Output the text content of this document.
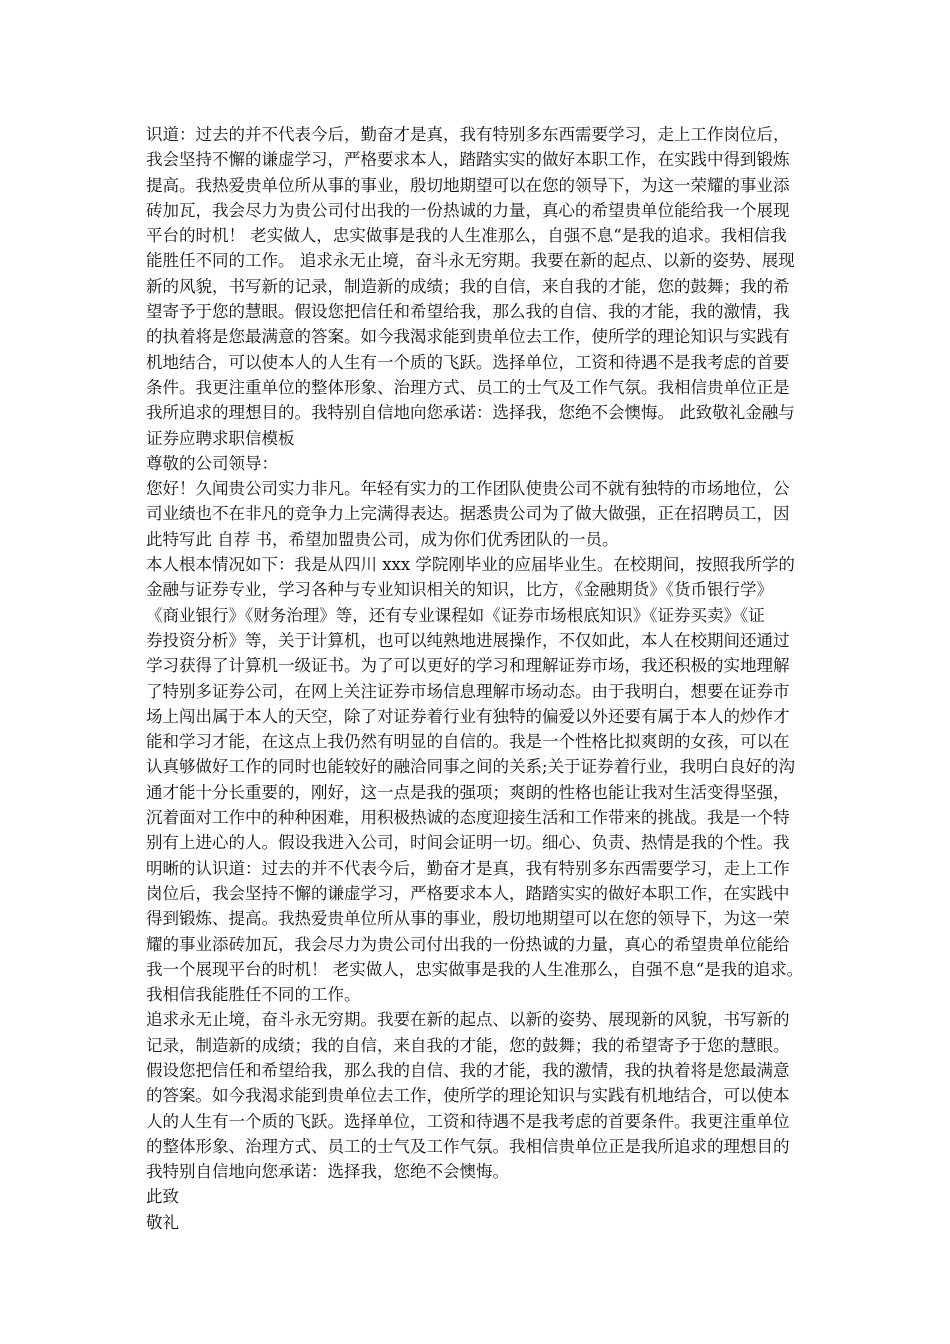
识道：过去的并不代表今后，勤奋才是真，我有特别多东西需要学习，走上工作岗位后，
我会坚持不懈的谦虚学习，严格要求本人，踏踏实实的做好本职工作，在实践中得到锻炼
提高。我热爱贵单位所从事的事业，殷切地期望可以在您的领导下，为这一荣耀的事业添
砖加瓦，我会尽力为贵公司付出我的一份热诚的力量，真心的希望贵单位能给我一个展现
平台的时机！ 老实做人，忠实做事是我的人生准那么，自强不息“是我的追求。我相信我
能胜任不同的工作。 追求永无止境，奋斗永无穷期。我要在新的起点、以新的姿势、展现
新的风貌，书写新的记录，制造新的成绩；我的自信，来自我的才能，您的鼓舞；我的希
望寄予于您的慧眼。假设您把信任和希望给我，那么我的自信、我的才能，我的激情，我
的执着将是您最满意的答案。如今我渴求能到贵单位去工作，使所学的理论知识与实践有
机地结合，可以使本人的人生有一个质的飞跃。选择单位，工资和待遇不是我考虑的首要
条件。我更注重单位的整体形象、治理方式、员工的士气及工作气氛。我相信贵单位正是
我所追求的理想目的。我特别自信地向您承诺：选择我，您绝不会懊悔。 此致敬礼金融与
证券应聘求职信模板
尊敬的公司领导：
您好！久闻贵公司实力非凡。年轻有实力的工作团队使贵公司不就有独特的市场地位，公
司业绩也不在非凡的竞争力上完满得表达。据悉贵公司为了做大做强，正在招聘员工，因
此特写此 自荐 书，希望加盟贵公司，成为你们优秀团队的一员。
本人根本情况如下：我是从四川 xxx 学院刚毕业的应届毕业生。在校期间，按照我所学的
金融与证券专业，学习各种与专业知识相关的知识，比方，《金融期货》《货币银行学》
《商业银行》《财务治理》等，还有专业课程如《证券市场根底知识》《证券买卖》《证
券投资分析》等，关于计算机，也可以纯熟地进展操作，不仅如此，本人在校期间还通过
学习获得了计算机一级证书。为了可以更好的学习和理解证券市场，我还积极的实地理解
了特别多证券公司，在网上关注证券市场信息理解市场动态。由于我明白，想要在证券市
场上闯出属于本人的天空，除了对证券着行业有独特的偏爱以外还要有属于本人的炒作才
能和学习才能，在这点上我仍然有明显的自信的。我是一个性格比拟爽朗的女孩，可以在
认真够做好工作的同时也能较好的融洽同事之间的关系;关于证券着行业，我明白良好的沟
通才能十分长重要的，刚好，这一点是我的强项；爽朗的性格也能让我对生活变得坚强，
沉着面对工作中的种种困难，用积极热诚的态度迎接生活和工作带来的挑战。我是一个特
别有上进心的人。假设我进入公司，时间会证明一切。细心、负责、热情是我的个性。我
明晰的认识道：过去的并不代表今后，勤奋才是真，我有特别多东西需要学习，走上工作
岗位后，我会坚持不懈的谦虚学习，严格要求本人，踏踏实实的做好本职工作，在实践中
得到锻炼、提高。我热爱贵单位所从事的事业，殷切地期望可以在您的领导下，为这一荣
耀的事业添砖加瓦，我会尽力为贵公司付出我的一份热诚的力量，真心的希望贵单位能给
我一个展现平台的时机！ 老实做人，忠实做事是我的人生准那么，自强不息“是我的追求。
我相信我能胜任不同的工作。
追求永无止境，奋斗永无穷期。我要在新的起点、以新的姿势、展现新的风貌，书写新的
记录，制造新的成绩；我的自信，来自我的才能，您的鼓舞；我的希望寄予于您的慧眼。
假设您把信任和希望给我，那么我的自信、我的才能，我的激情，我的执着将是您最满意
的答案。如今我渴求能到贵单位去工作，使所学的理论知识与实践有机地结合，可以使本
人的人生有一个质的飞跃。选择单位，工资和待遇不是我考虑的首要条件。我更注重单位
的整体形象、治理方式、员工的士气及工作气氛。我相信贵单位正是我所追求的理想目的
我特别自信地向您承诺：选择我，您绝不会懊悔。
此致
敬礼
